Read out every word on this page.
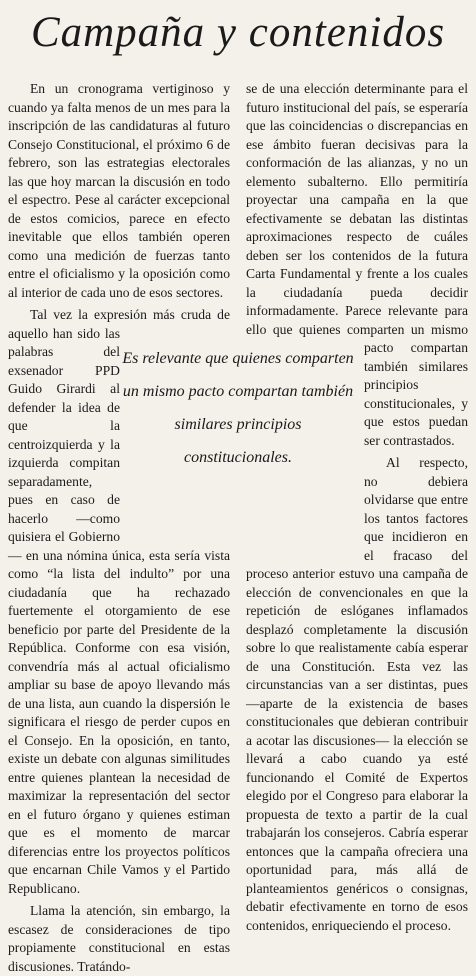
Campaña y contenidos

En un cronograma vertiginoso y cuando ya falta menos de un mes para la inscripción de las candidaturas al futuro Consejo Constitucional, el próximo 6 de febrero, son las estrategias electorales las que hoy marcan la discusión en todo el espectro. Pese al carácter excepcional de estos comicios, parece en efecto inevitable que ellos también operen como una medición de fuerzas tanto entre el oficialismo y la oposición como al interior de cada uno de esos sectores.

Tal vez la expresión más cruda de aquello han sido las palabras del exsenador PPD Guido Girardi al defender la idea de que la centroizquierda y la izquierda compitan separadamente, pues en caso de hacerlo —como quisiera el Gobierno— en una nómina única, esta sería vista como “la lista del indulto” por una ciudadanía que ha rechazado fuertemente el otorgamiento de ese beneficio por parte del Presidente de la República. Conforme con esa visión, convendría más al actual oficialismo ampliar su base de apoyo llevando más de una lista, aun cuando la dispersión le significara el riesgo de perder cupos en el Consejo. En la oposición, en tanto, existe un debate con algunas similitudes entre quienes plantean la necesidad de maximizar la representación del sector en el futuro órgano y quienes estiman que es el momento de marcar diferencias entre los proyectos políticos que encarnan Chile Vamos y el Partido Republicano.

Llama la atención, sin embargo, la escasez de consideraciones de tipo propiamente constitucional en estas discusiones. Tratándo-

se de una elección determinante para el futuro institucional del país, se esperaría que las coincidencias o discrepancias en ese ámbito fueran decisivas para la conformación de las alianzas, y no un elemento subalterno. Ello permitiría proyectar una campaña en la que efectivamente se debatan las distintas aproximaciones respecto de cuáles deben ser los contenidos de la futura Carta Fundamental y frente a los cuales la ciudadanía pueda decidir informadamente. Parece relevante para ello que quienes comparten un mismo pacto compartan también similares principios constitucionales, y que estos puedan ser contrastados.

Al respecto, no debiera olvidarse que entre los tantos factores que incidieron en el fracaso del proceso anterior estuvo una campaña de elección de convencionales en que la repetición de eslóganes inflamados desplazó completamente la discusión sobre lo que realistamente cabía esperar de una Constitución. Esta vez las circunstancias van a ser distintas, pues —aparte de la existencia de bases constitucionales que debieran contribuir a acotar las discusiones— la elección se llevará a cabo cuando ya esté funcionando el Comité de Expertos elegido por el Congreso para elaborar la propuesta de texto a partir de la cual trabajarán los consejeros. Cabría esperar entonces que la campaña ofreciera una oportunidad para, más allá de planteamientos genéricos o consignas, debatir efectivamente en torno de esos contenidos, enriqueciendo el proceso.

Es relevante que quienes comparten un mismo pacto compartan también similares principios constitucionales.
